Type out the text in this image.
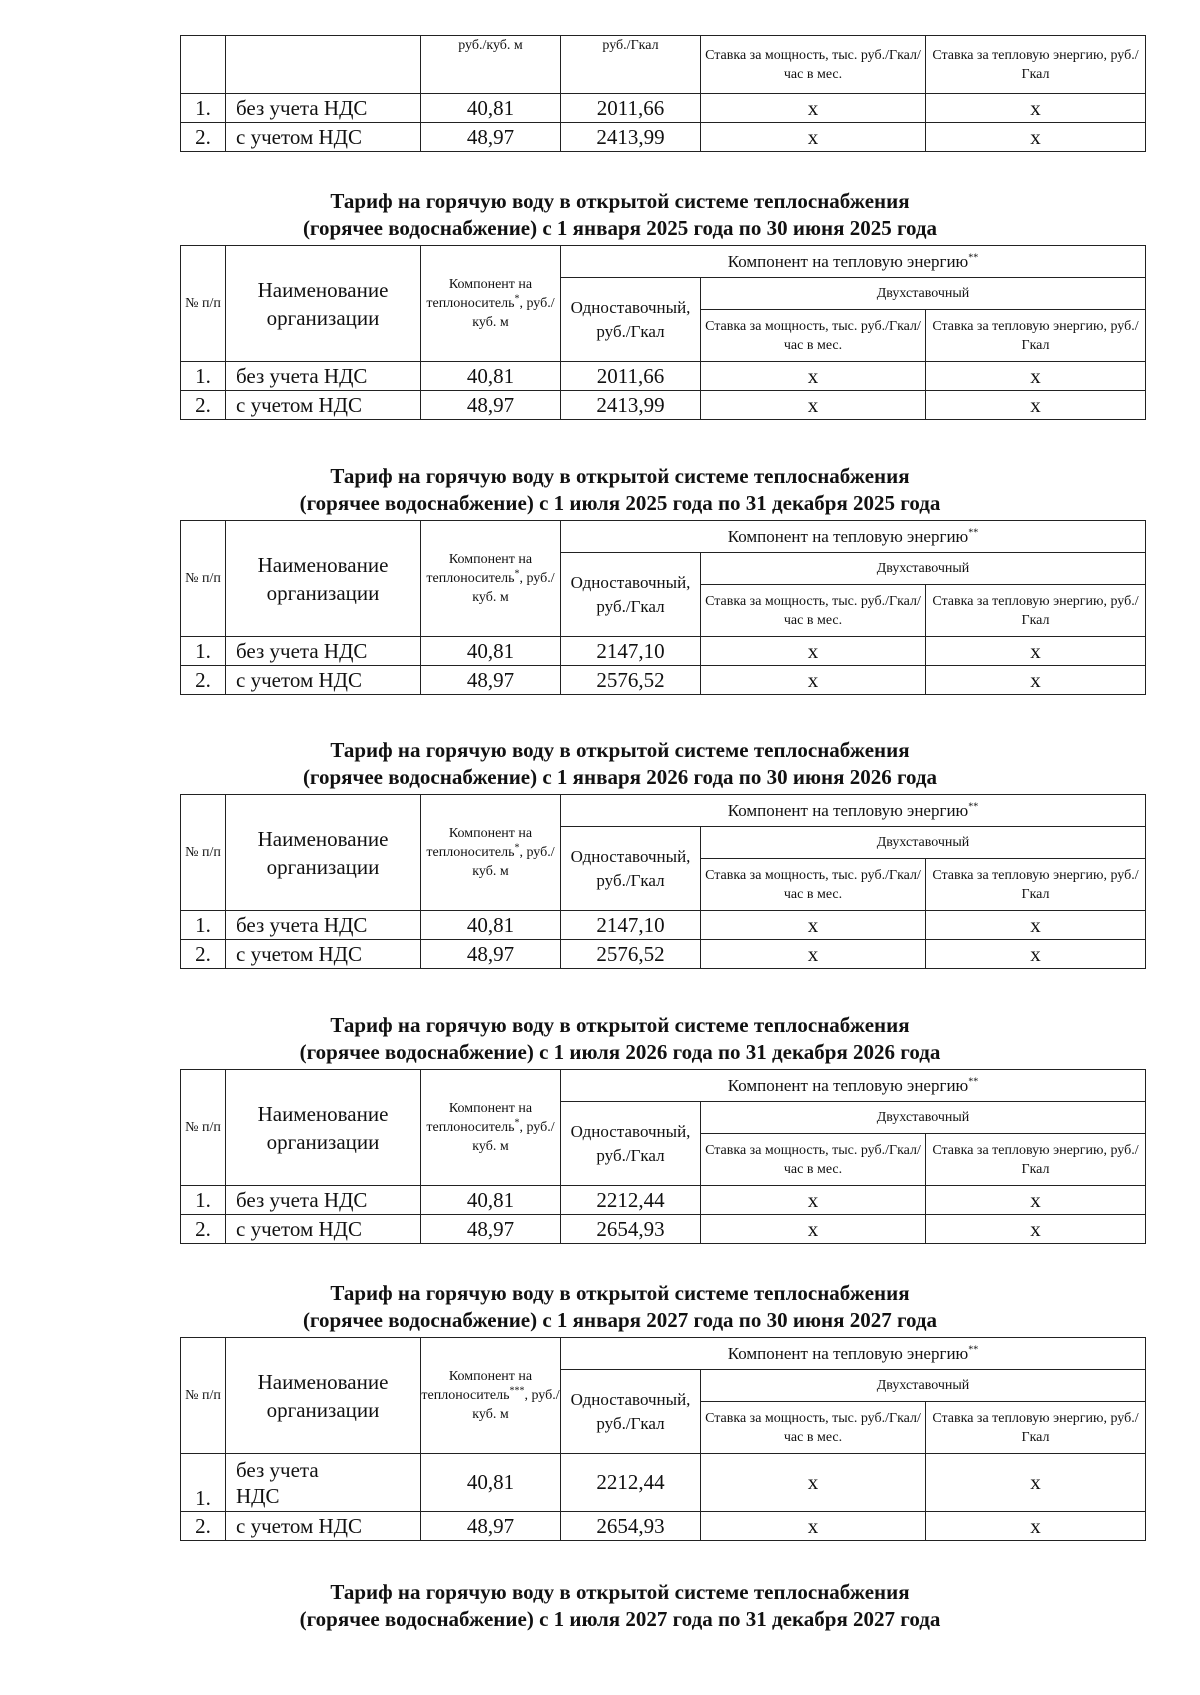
		руб./куб. м	руб./Гкал	Ставка за мощность, тыс. руб./Гкал/час в мес.	Ставка за тепловую энергию, руб./Гкал
1.	без учета НДС	40,81	2011,66	х	х
2.	с учетом НДС	48,97	2413,99	х	х
Тариф на горячую воду в открытой системе теплоснабжения
(горячее водоснабжение) с 1 января 2025 года по 30 июня 2025 года
№ п/п	Наименование организации	Компонент на теплоноситель*, руб./куб. м	Компонент на тепловую энергию**
			Одноставочный, руб./Гкал	Двухставочный	
				Ставка за мощность, тыс. руб./Гкал/час в мес.	Ставка за тепловую энергию, руб./Гкал
1.	без учета НДС	40,81	2011,66	х	х
2.	с учетом НДС	48,97	2413,99	х	х
Тариф на горячую воду в открытой системе теплоснабжения
(горячее водоснабжение) с 1 июля 2025 года по 31 декабря 2025 года
№ п/п	Наименование организации	Компонент на теплоноситель*, руб./куб. м	Компонент на тепловую энергию**
			Одноставочный, руб./Гкал	Двухставочный	
				Ставка за мощность, тыс. руб./Гкал/час в мес.	Ставка за тепловую энергию, руб./Гкал
1.	без учета НДС	40,81	2147,10	х	х
2.	с учетом НДС	48,97	2576,52	х	х
Тариф на горячую воду в открытой системе теплоснабжения
(горячее водоснабжение) с 1 января 2026 года по 30 июня 2026 года
№ п/п	Наименование организации	Компонент на теплоноситель*, руб./куб. м	Компонент на тепловую энергию**
			Одноставочный, руб./Гкал	Двухставочный	
				Ставка за мощность, тыс. руб./Гкал/час в мес.	Ставка за тепловую энергию, руб./Гкал
1.	без учета НДС	40,81	2147,10	х	х
2.	с учетом НДС	48,97	2576,52	х	х
Тариф на горячую воду в открытой системе теплоснабжения
(горячее водоснабжение) с 1 июля 2026 года по 31 декабря 2026 года
№ п/п	Наименование организации	Компонент на теплоноситель*, руб./куб. м	Компонент на тепловую энергию**
			Одноставочный, руб./Гкал	Двухставочный	
				Ставка за мощность, тыс. руб./Гкал/час в мес.	Ставка за тепловую энергию, руб./Гкал
1.	без учета НДС	40,81	2212,44	х	х
2.	с учетом НДС	48,97	2654,93	х	х
Тариф на горячую воду в открытой системе теплоснабжения
(горячее водоснабжение) с 1 января 2027 года по 30 июня 2027 года
№ п/п	Наименование организации	Компонент на теплоноситель***, руб./куб. м	Компонент на тепловую энергию**
			Одноставочный, руб./Гкал	Двухставочный	
				Ставка за мощность, тыс. руб./Гкал/час в мес.	Ставка за тепловую энергию, руб./Гкал
1.	без учета НДС	40,81	2212,44	х	х
2.	с учетом НДС	48,97	2654,93	х	х
Тариф на горячую воду в открытой системе теплоснабжения
(горячее водоснабжение) с 1 июля 2027 года по 31 декабря 2027 года
